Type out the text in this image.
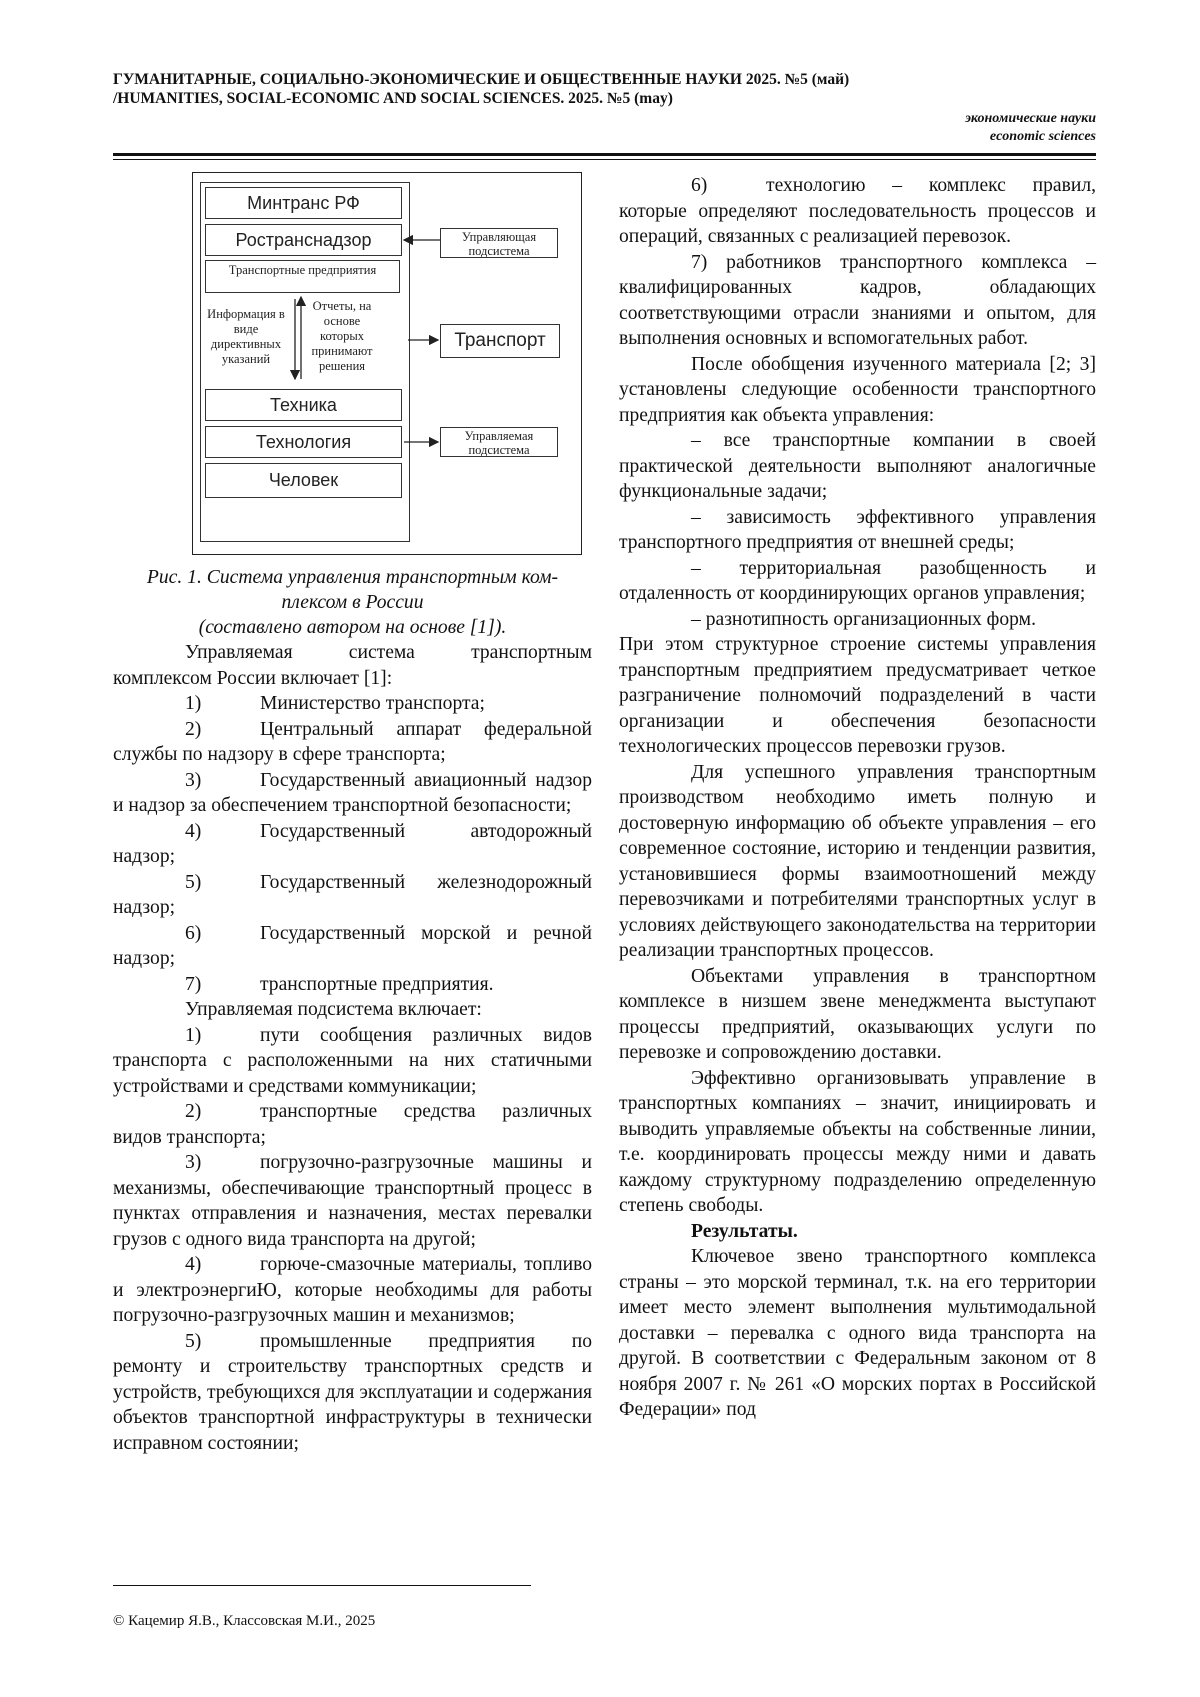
ГУМАНИТАРНЫЕ, СОЦИАЛЬНО-ЭКОНОМИЧЕСКИЕ И ОБЩЕСТВЕННЫЕ НАУКИ 2025. №5 (май)
/HUMANITIES, SOCIAL-ECONOMIC AND SOCIAL SCIENCES. 2025. №5 (may)
экономические науки
economic sciences
Минтранс РФ
Ространснадзор
Транспортные предприятия
Информация в виде директивных указаний
Отчеты, на основе которых принимают решения
Техника
Технология
Человек
Управляющая подсистема
Транспорт
Управляемая подсистема
Рис. 1. Система управления транспортным ком-
плексом в России
(составлено автором на основе [1]).

Управляемая система транспортным комплексом России включает [1]:

1)	Министерство транспорта;

2)	Центральный аппарат федеральной службы по надзору в сфере транспорта;

3)	Государственный авиационный надзор и надзор за обеспечением транспортной безопасности;

4)	Государственный автодорожный надзор;

5)	Государственный железнодорожный надзор;

6)	Государственный морской и речной надзор;

7)	транспортные предприятия.

Управляемая подсистема включает:

1)	пути сообщения различных видов транспорта с расположенными на них статичными устройствами и средствами коммуникации;

2)	транспортные средства различных видов транспорта;

3)	погрузочно-разгрузочные машины и механизмы, обеспечивающие транспортный процесс в пунктах отправления и назначения, местах перевалки грузов с одного вида транспорта на другой;

4)	горюче-смазочные материалы, топливо и электроэнергиЮ, которые необходимы для работы погрузочно-разгрузочных машин и механизмов;

5)	промышленные предприятия по ремонту и строительству транспортных средств и устройств, требующихся для эксплуатации и содержания объектов транспортной инфраструктуры в технически исправном состоянии;

6)	технологию – комплекс правил, которые определяют последовательность процессов и операций, связанных с реализацией перевозок.

7) работников транспортного комплекса – квалифицированных кадров, обладающих соответствующими отрасли знаниями и опытом, для выполнения основных и вспомогательных работ.

После обобщения изученного материала [2; 3] установлены следующие особенности транспортного предприятия как объекта управления:

– все транспортные компании в своей практической деятельности выполняют аналогичные функциональные задачи;

– зависимость эффективного управления транспортного предприятия от внешней среды;

– территориальная разобщенность и отдаленность от координирующих органов управления;

– разнотипность организационных форм.

При этом структурное строение системы управления транспортным предприятием предусматривает четкое разграничение полномочий подразделений в части организации и обеспечения безопасности технологических процессов перевозки грузов.

Для успешного управления транспортным производством необходимо иметь полную и достоверную информацию об объекте управления – его современное состояние, историю и тенденции развития, установившиеся формы взаимоотношений между перевозчиками и потребителями транспортных услуг в условиях действующего законодательства на территории реализации транспортных процессов.

Объектами управления в транспортном комплексе в низшем звене менеджмента выступают процессы предприятий, оказывающих услуги по перевозке и сопровождению доставки.

Эффективно организовывать управление в транспортных компаниях – значит, инициировать и выводить управляемые объекты на собственные линии, т.е. координировать процессы между ними и давать каждому структурному подразделению определенную степень свободы.

Результаты.

Ключевое звено транспортного комплекса страны – это морской терминал, т.к. на его территории имеет место элемент выполнения мультимодальной доставки – перевалка с одного вида транспорта на другой. В соответствии с Федеральным законом от 8 ноября 2007 г. № 261 «О морских портах в Российской Федерации» под

© Кацемир Я.В., Классовская М.И., 2025
